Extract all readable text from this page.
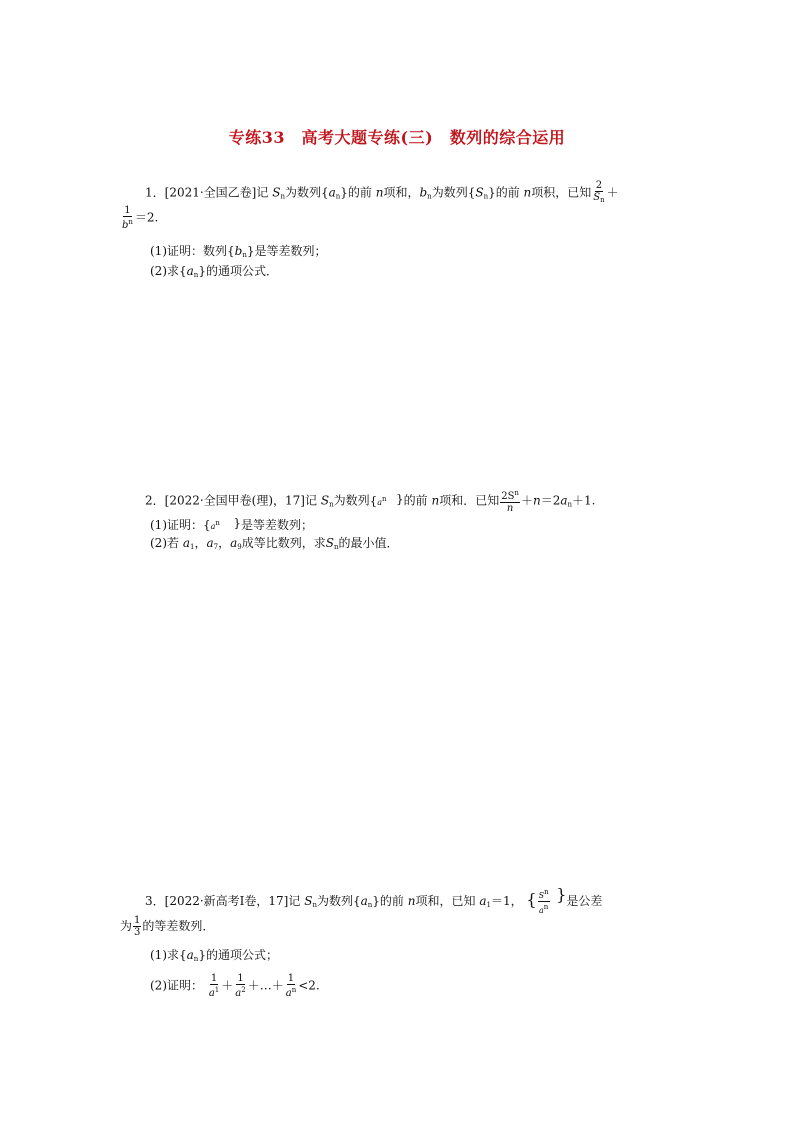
专练33　高考大题专练(三)　数列的综合运用
1．[2021·全国乙卷]记 $S_n$为数列$\{a_n\}$的前 n项和，$b_n$为数列$\{S_n\}$的前 n项积，已知 $\frac{2}{S_n}$ ＋
$\frac{1}{b^n} =2$.
(1)证明：数列$\{b_n\}$是等差数列；
(2)求$\{a_n\}$的通项公式．
2．[2022·全国甲卷(理)，17]记 $S_n$为数列{$a^n$ } 的前 n项和．已知 $\frac{2S^n}{n} +n=2a_n+1$.
(1)证明：{$a^n$ } 是等差数列；
(2)若 $a_1$，$a_7$，$a_9$成等比数列，求$S_n$的最小值．
3．[2022·新高考Ⅰ卷，17]记 $S_n$为数列$\{a_n\}$的前 n项和，已知 $a_1=1$， { $\frac{S^n}{a^n}$ } 是公差
为 $\frac{1}{3}$ 的等差数列．
(1)求$\{a_n\}$的通项公式；
(2)证明： $\frac{1}{a^1} + \frac{1}{a^2}$ ＋…＋ $\frac{1}{a^n} <2$.
